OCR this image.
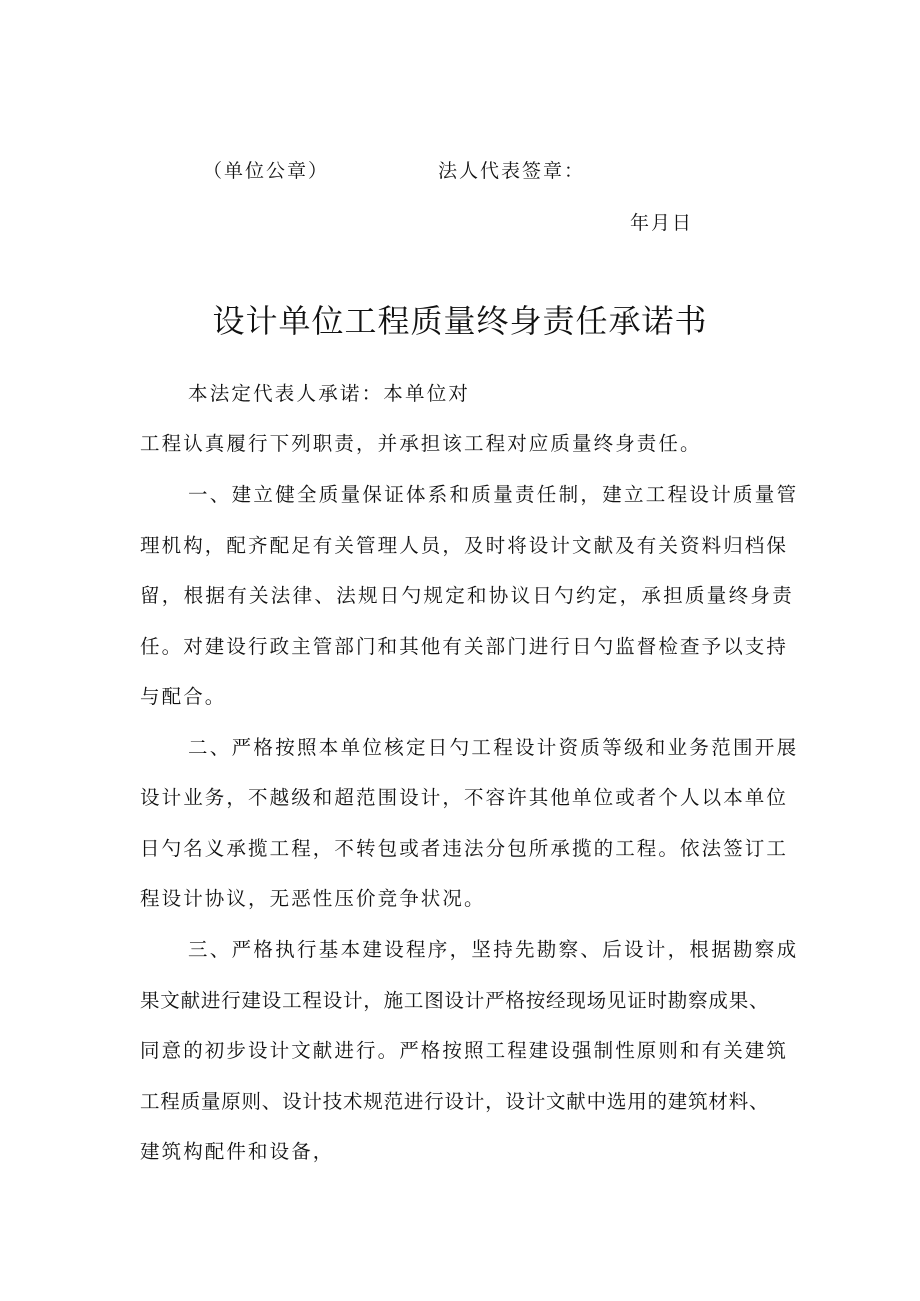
（单位公章）	法人代表签章：
年月日
设计单位工程质量终身责任承诺书
本法定代表人承诺：本单位对
工程认真履行下列职责，并承担该工程对应质量终身责任。
一、建立健全质量保证体系和质量责任制，建立工程设计质量管
理机构，配齐配足有关管理人员，及时将设计文献及有关资料归档保
留，根据有关法律、法规日勺规定和协议日勺约定，承担质量终身责
任。对建设行政主管部门和其他有关部门进行日勺监督检查予以支持
与配合。
二、严格按照本单位核定日勺工程设计资质等级和业务范围开展
设计业务，不越级和超范围设计，不容许其他单位或者个人以本单位
日勺名义承揽工程，不转包或者违法分包所承揽的工程。依法签订工
程设计协议，无恶性压价竞争状况。
三、严格执行基本建设程序，坚持先勘察、后设计，根据勘察成
果文献进行建设工程设计，施工图设计严格按经现场见证时勘察成果、
同意的初步设计文献进行。严格按照工程建设强制性原则和有关建筑
工程质量原则、设计技术规范进行设计，设计文献中选用的建筑材料、
建筑构配件和设备，
